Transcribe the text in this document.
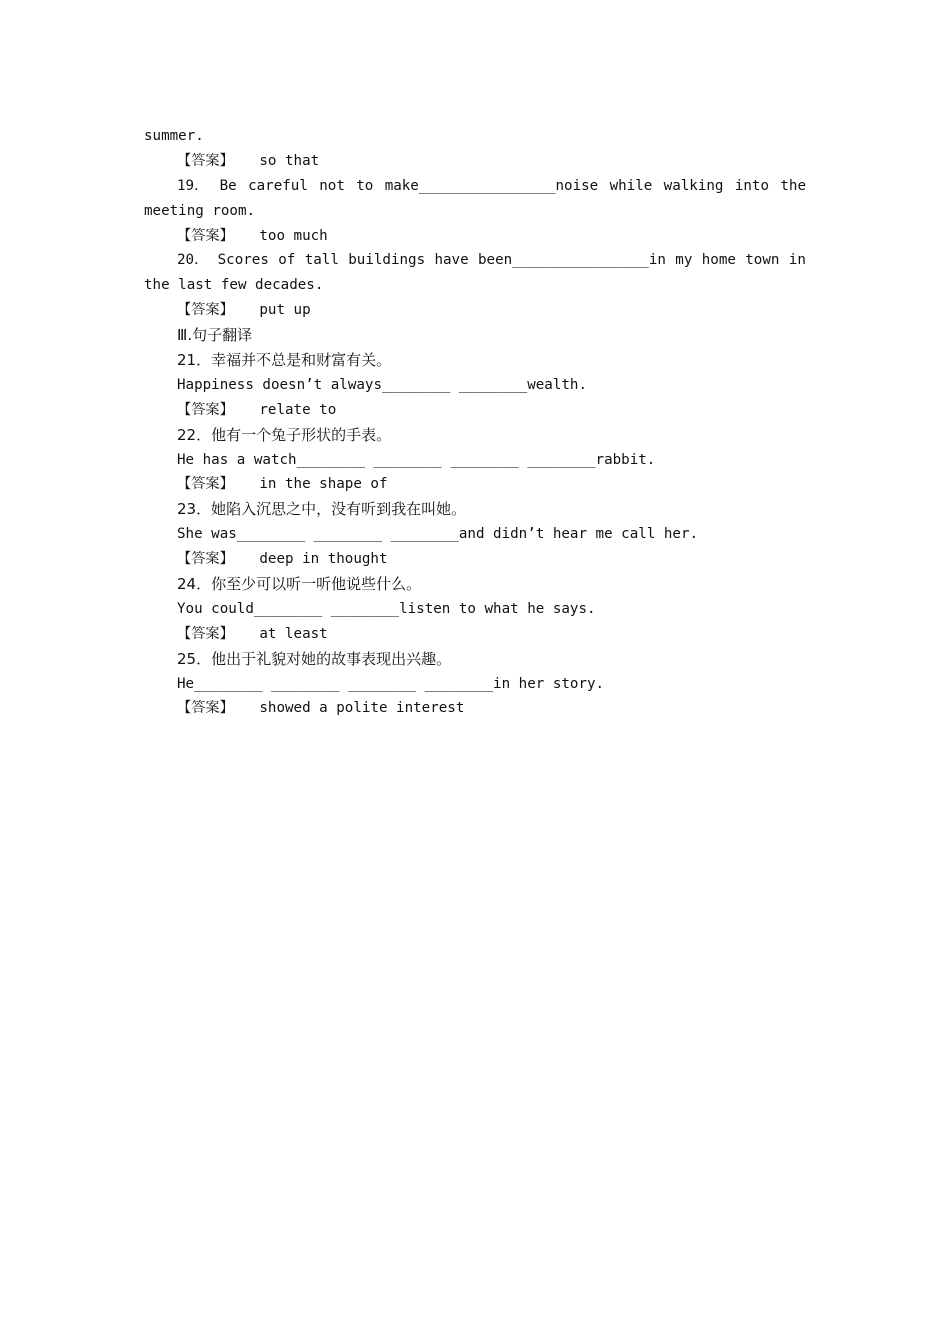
summer.
【答案】 so that
19． Be careful not to make________________noise while walking into the
meeting room.
【答案】 too much
20． Scores of tall buildings have been________________in my home town in
the last few decades.
【答案】 put up
Ⅲ.句子翻译
21．幸福并不总是和财富有关。
Happiness doesn’t always________ ________wealth.
【答案】 relate to
22．他有一个兔子形状的手表。
He has a watch________ ________ ________ ________rabbit.
【答案】 in the shape of
23．她陷入沉思之中，没有听到我在叫她。
She was________ ________ ________and didn’t hear me call her.
【答案】 deep in thought
24．你至少可以听一听他说些什么。
You could________ ________listen to what he says.
【答案】 at least
25．他出于礼貌对她的故事表现出兴趣。
He________ ________ ________ ________in her story.
【答案】 showed a polite interest
